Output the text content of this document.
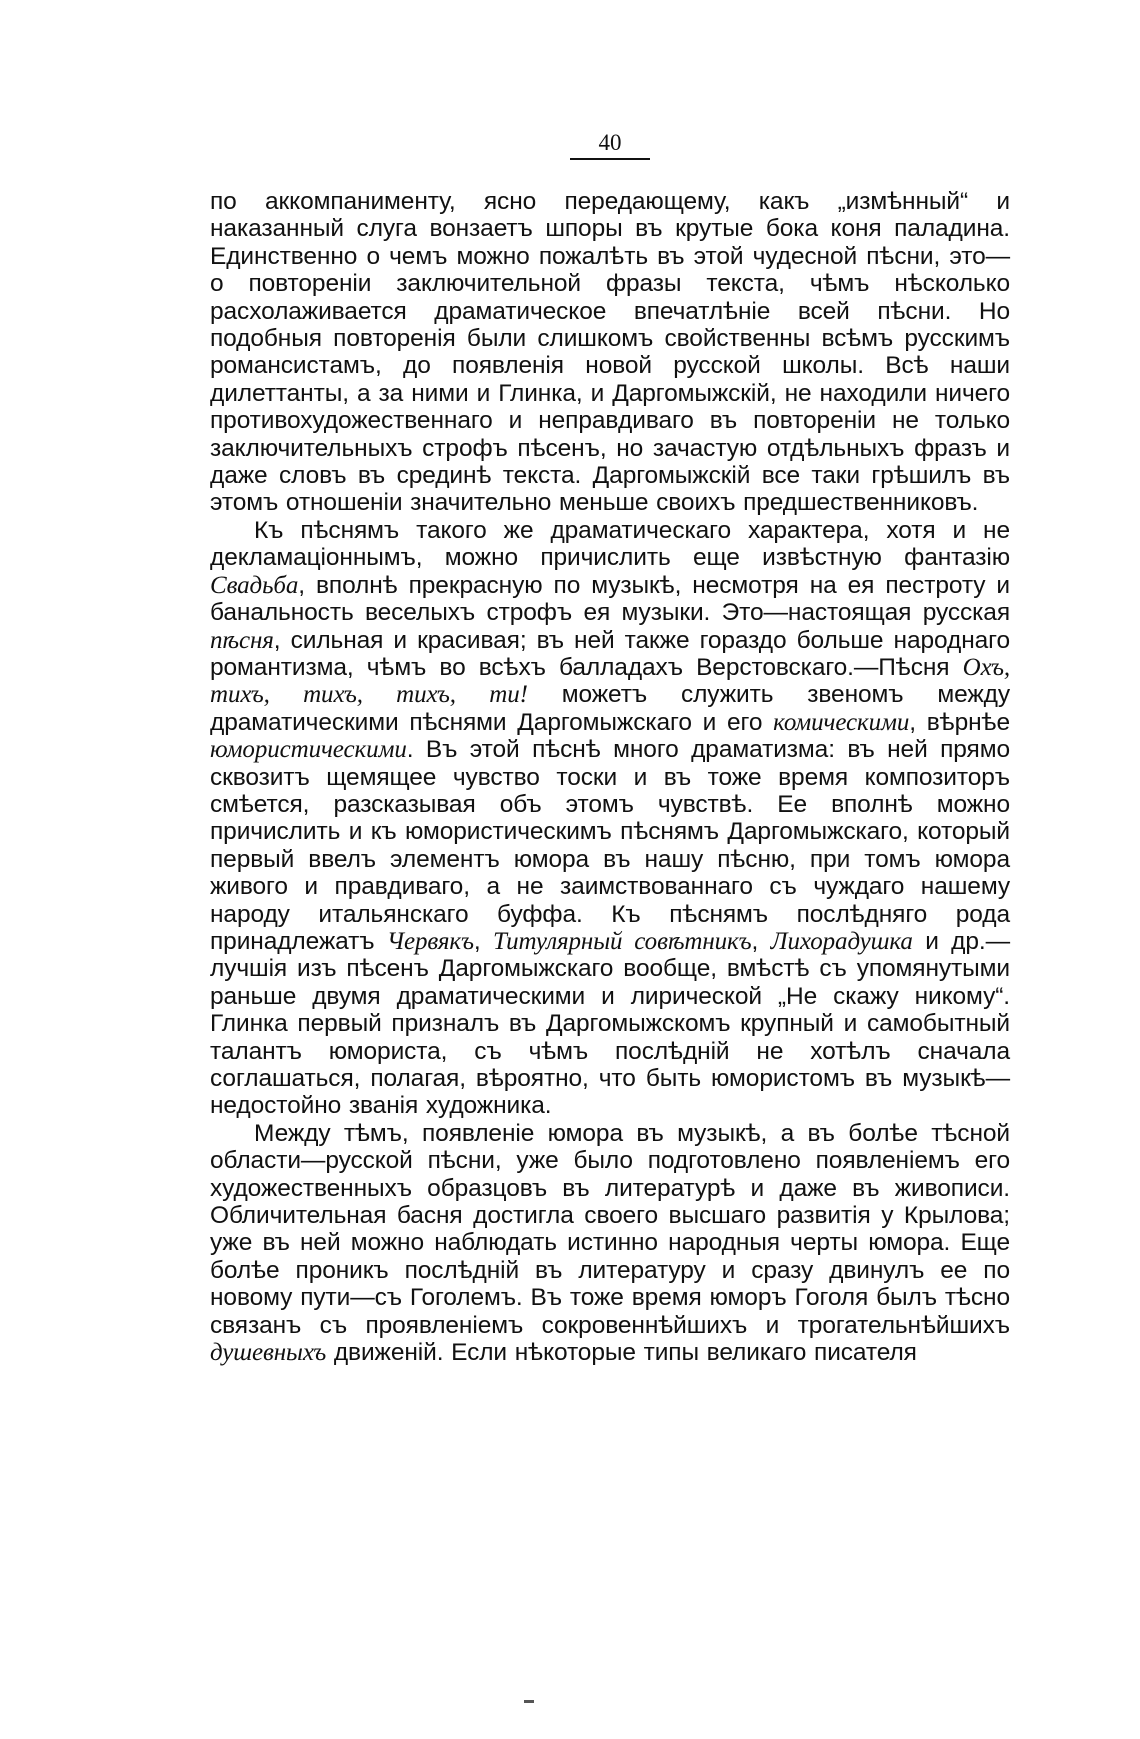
40

по аккомпанименту, ясно передающему, какъ „измѣнный“ и наказанный слуга вонзаетъ шпоры въ крутые бока коня паладина. Единственно о чемъ можно пожалѣть въ этой чудесной пѣсни, это—о повторенiи заключительной фразы текста, чѣмъ нѣсколько расхолаживается драматическое впечатлѣнiе всей пѣсни. Но подобныя повторенiя были слишкомъ свойственны всѣмъ русскимъ романсистамъ, до появленiя новой русской школы. Всѣ наши дилеттанты, а за ними и Глинка, и Даргомыжскiй, не находили ничего противохудожественнаго и неправдиваго въ повторенiи не только заключительныхъ строфъ пѣсенъ, но зачастую отдѣльныхъ фразъ и даже словъ въ срединѣ текста. Даргомыжскiй все таки грѣшилъ въ этомъ отношенiи значительно меньше своихъ предшественниковъ.

Къ пѣснямъ такого же драматическаго характера, хотя и не декламацiоннымъ, можно причислить еще извѣстную фантазiю Свадьба, вполнѣ прекрасную по музыкѣ, несмотря на ея пестроту и банальность веселыхъ строфъ ея музыки. Это—настоящая русская пѣсня, сильная и красивая; въ ней также гораздо больше народнаго романтизма, чѣмъ во всѣхъ балладахъ Верстовскаго.—Пѣсня Охъ, тихъ, тихъ, тихъ, ти! можетъ служить звеномъ между драматическими пѣснями Даргомыжскаго и его комическими, вѣрнѣе юмористическими. Въ этой пѣснѣ много драматизма: въ ней прямо сквозитъ щемящее чувство тоски и въ тоже время композиторъ смѣется, разсказывая объ этомъ чувствѣ. Ее вполнѣ можно причислить и къ юмористическимъ пѣснямъ Даргомыжскаго, который первый ввелъ элементъ юмора въ нашу пѣсню, при томъ юмора живого и правдиваго, а не заимствованнаго съ чуждаго нашему народу итальянскаго буффа. Къ пѣснямъ послѣдняго рода принадлежатъ Червякъ, Титулярный совѣтникъ, Лихорадушка и др.—лучшiя изъ пѣсенъ Даргомыжскаго вообще, вмѣстѣ съ упомянутыми раньше двумя драматическими и лирической „Не скажу никому“. Глинка первый призналъ въ Даргомыжскомъ крупный и самобытный талантъ юмориста, съ чѣмъ послѣднiй не хотѣлъ сначала соглашаться, полагая, вѣроятно, что быть юмористомъ въ музыкѣ—недостойно званiя художника.

Между тѣмъ, появленiе юмора въ музыкѣ, а въ болѣе тѣсной области—русской пѣсни, уже было подготовлено появленiемъ его художественныхъ образцовъ въ литературѣ и даже въ живописи. Обличительная басня достигла своего высшаго развитiя у Крылова; уже въ ней можно наблюдать истинно народныя черты юмора. Еще болѣе проникъ послѣднiй въ литературу и сразу двинулъ ее по новому пути—съ Гоголемъ. Въ тоже время юморъ Гоголя былъ тѣсно связанъ съ проявленiемъ сокровеннѣйшихъ и трогательнѣйшихъ душевныхъ движенiй. Если нѣкоторые типы великаго писателя
